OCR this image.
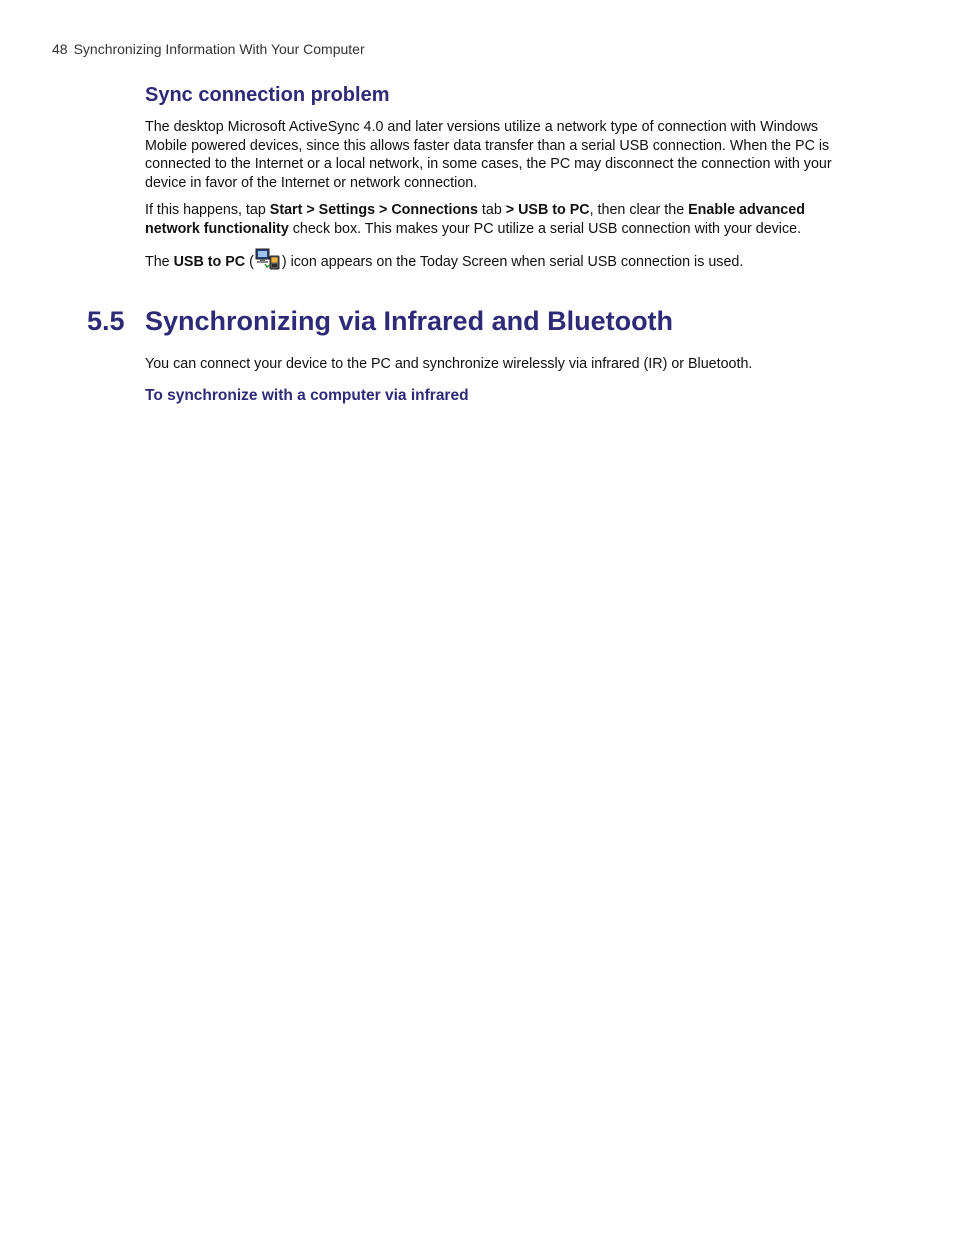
48 Synchronizing Information With Your Computer
Sync connection problem

The desktop Microsoft ActiveSync 4.0 and later versions utilize a network type of connection with Windows Mobile powered devices, since this allows faster data transfer than a serial USB connection. When the PC is connected to the Internet or a local network, in some cases, the PC may disconnect the connection with your device in favor of the Internet or network connection.

If this happens, tap Start > Settings > Connections tab > USB to PC, then clear the Enable advanced network functionality check box. This makes your PC utilize a serial USB connection with your device.

The USB to PC ( ) icon appears on the Today Screen when serial USB connection is used.

5.5 Synchronizing via Infrared and Bluetooth

You can connect your device to the PC and synchronize wirelessly via infrared (IR) or Bluetooth.

To synchronize with a computer via infrared
